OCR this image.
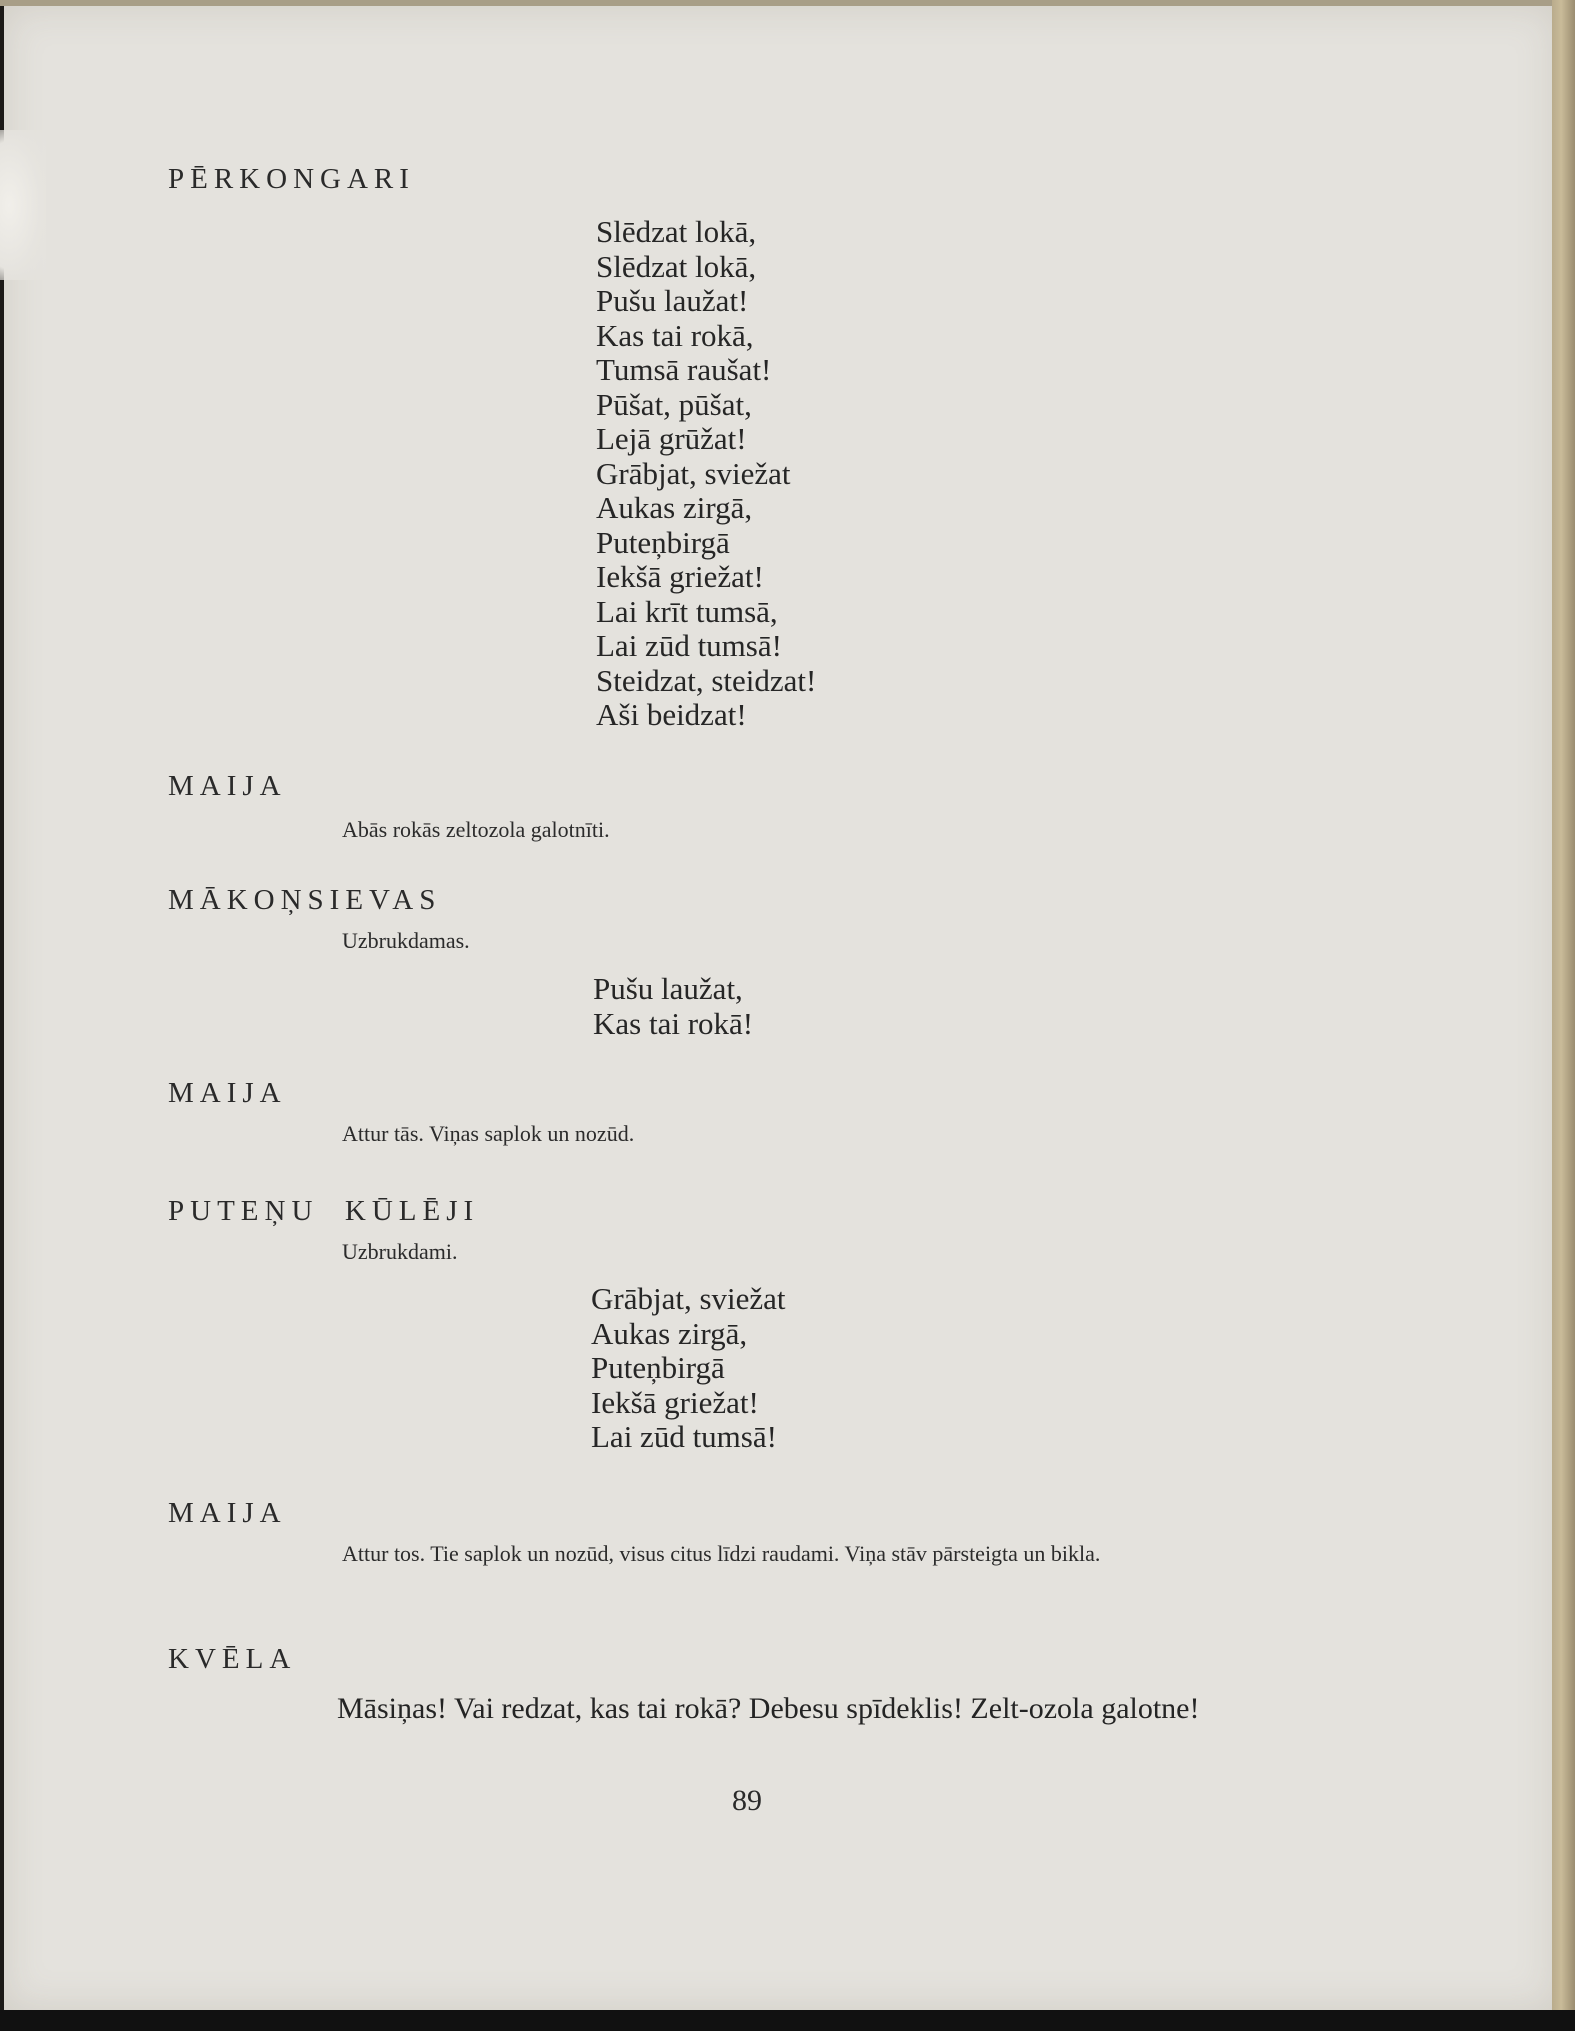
PĒRKONGARI
Slēdzat lokā,
Slēdzat lokā,
Pušu laužat!
Kas tai rokā,
Tumsā raušat!
Pūšat, pūšat,
Lejā grūžat!
Grābjat, sviežat
Aukas zirgā,
Puteņbirgā
Iekšā griežat!
Lai krīt tumsā,
Lai zūd tumsā!
Steidzat, steidzat!
Aši beidzat!
MAIJA
Abās rokās zeltozola galotnīti.
MĀKOŅSIEVAS
Uzbrukdamas.
Pušu laužat,
Kas tai rokā!
MAIJA
Attur tās. Viņas saplok un nozūd.
PUTEŅU  KŪLĒJI
Uzbrukdami.
Grābjat, sviežat
Aukas zirgā,
Puteņbirgā
Iekšā griežat!
Lai zūd tumsā!
MAIJA
Attur tos. Tie saplok un nozūd, visus citus līdzi raudami. Viņa stāv pārsteigta un bikla.
KVĒLA
Māsiņas! Vai redzat, kas tai rokā? Debesu spīdeklis! Zelt-ozola galotne!
89
